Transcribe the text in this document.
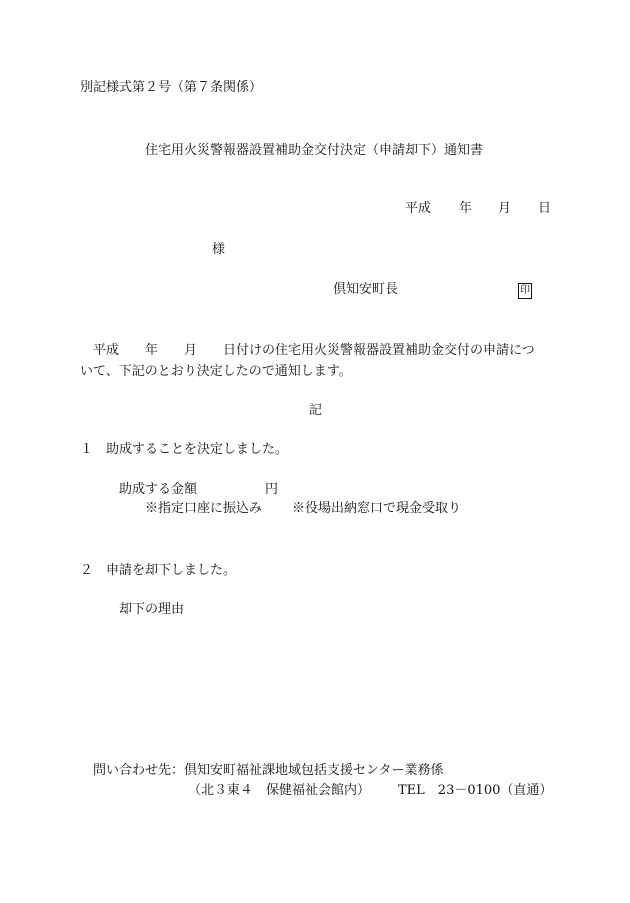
別記様式第２号（第７条関係）
住宅用火災警報器設置補助金交付決定（申請却下）通知書
平成 年 月 日
様
倶知安町長	印
平成　　年　　月　　日付けの住宅用火災警報器設置補助金交付の申請につ
いて、下記のとおり決定したので通知します。
記
１　助成することを決定しました。
助成する金額	円
※指定口座に振込み ※役場出納窓口で現金受取り
２　申請を却下しました。
却下の理由
問い合わせ先：倶知安町福祉課地域包括支援センター業務係
（北３東４　保健福祉会館内） TEL　23－0100（直通）
